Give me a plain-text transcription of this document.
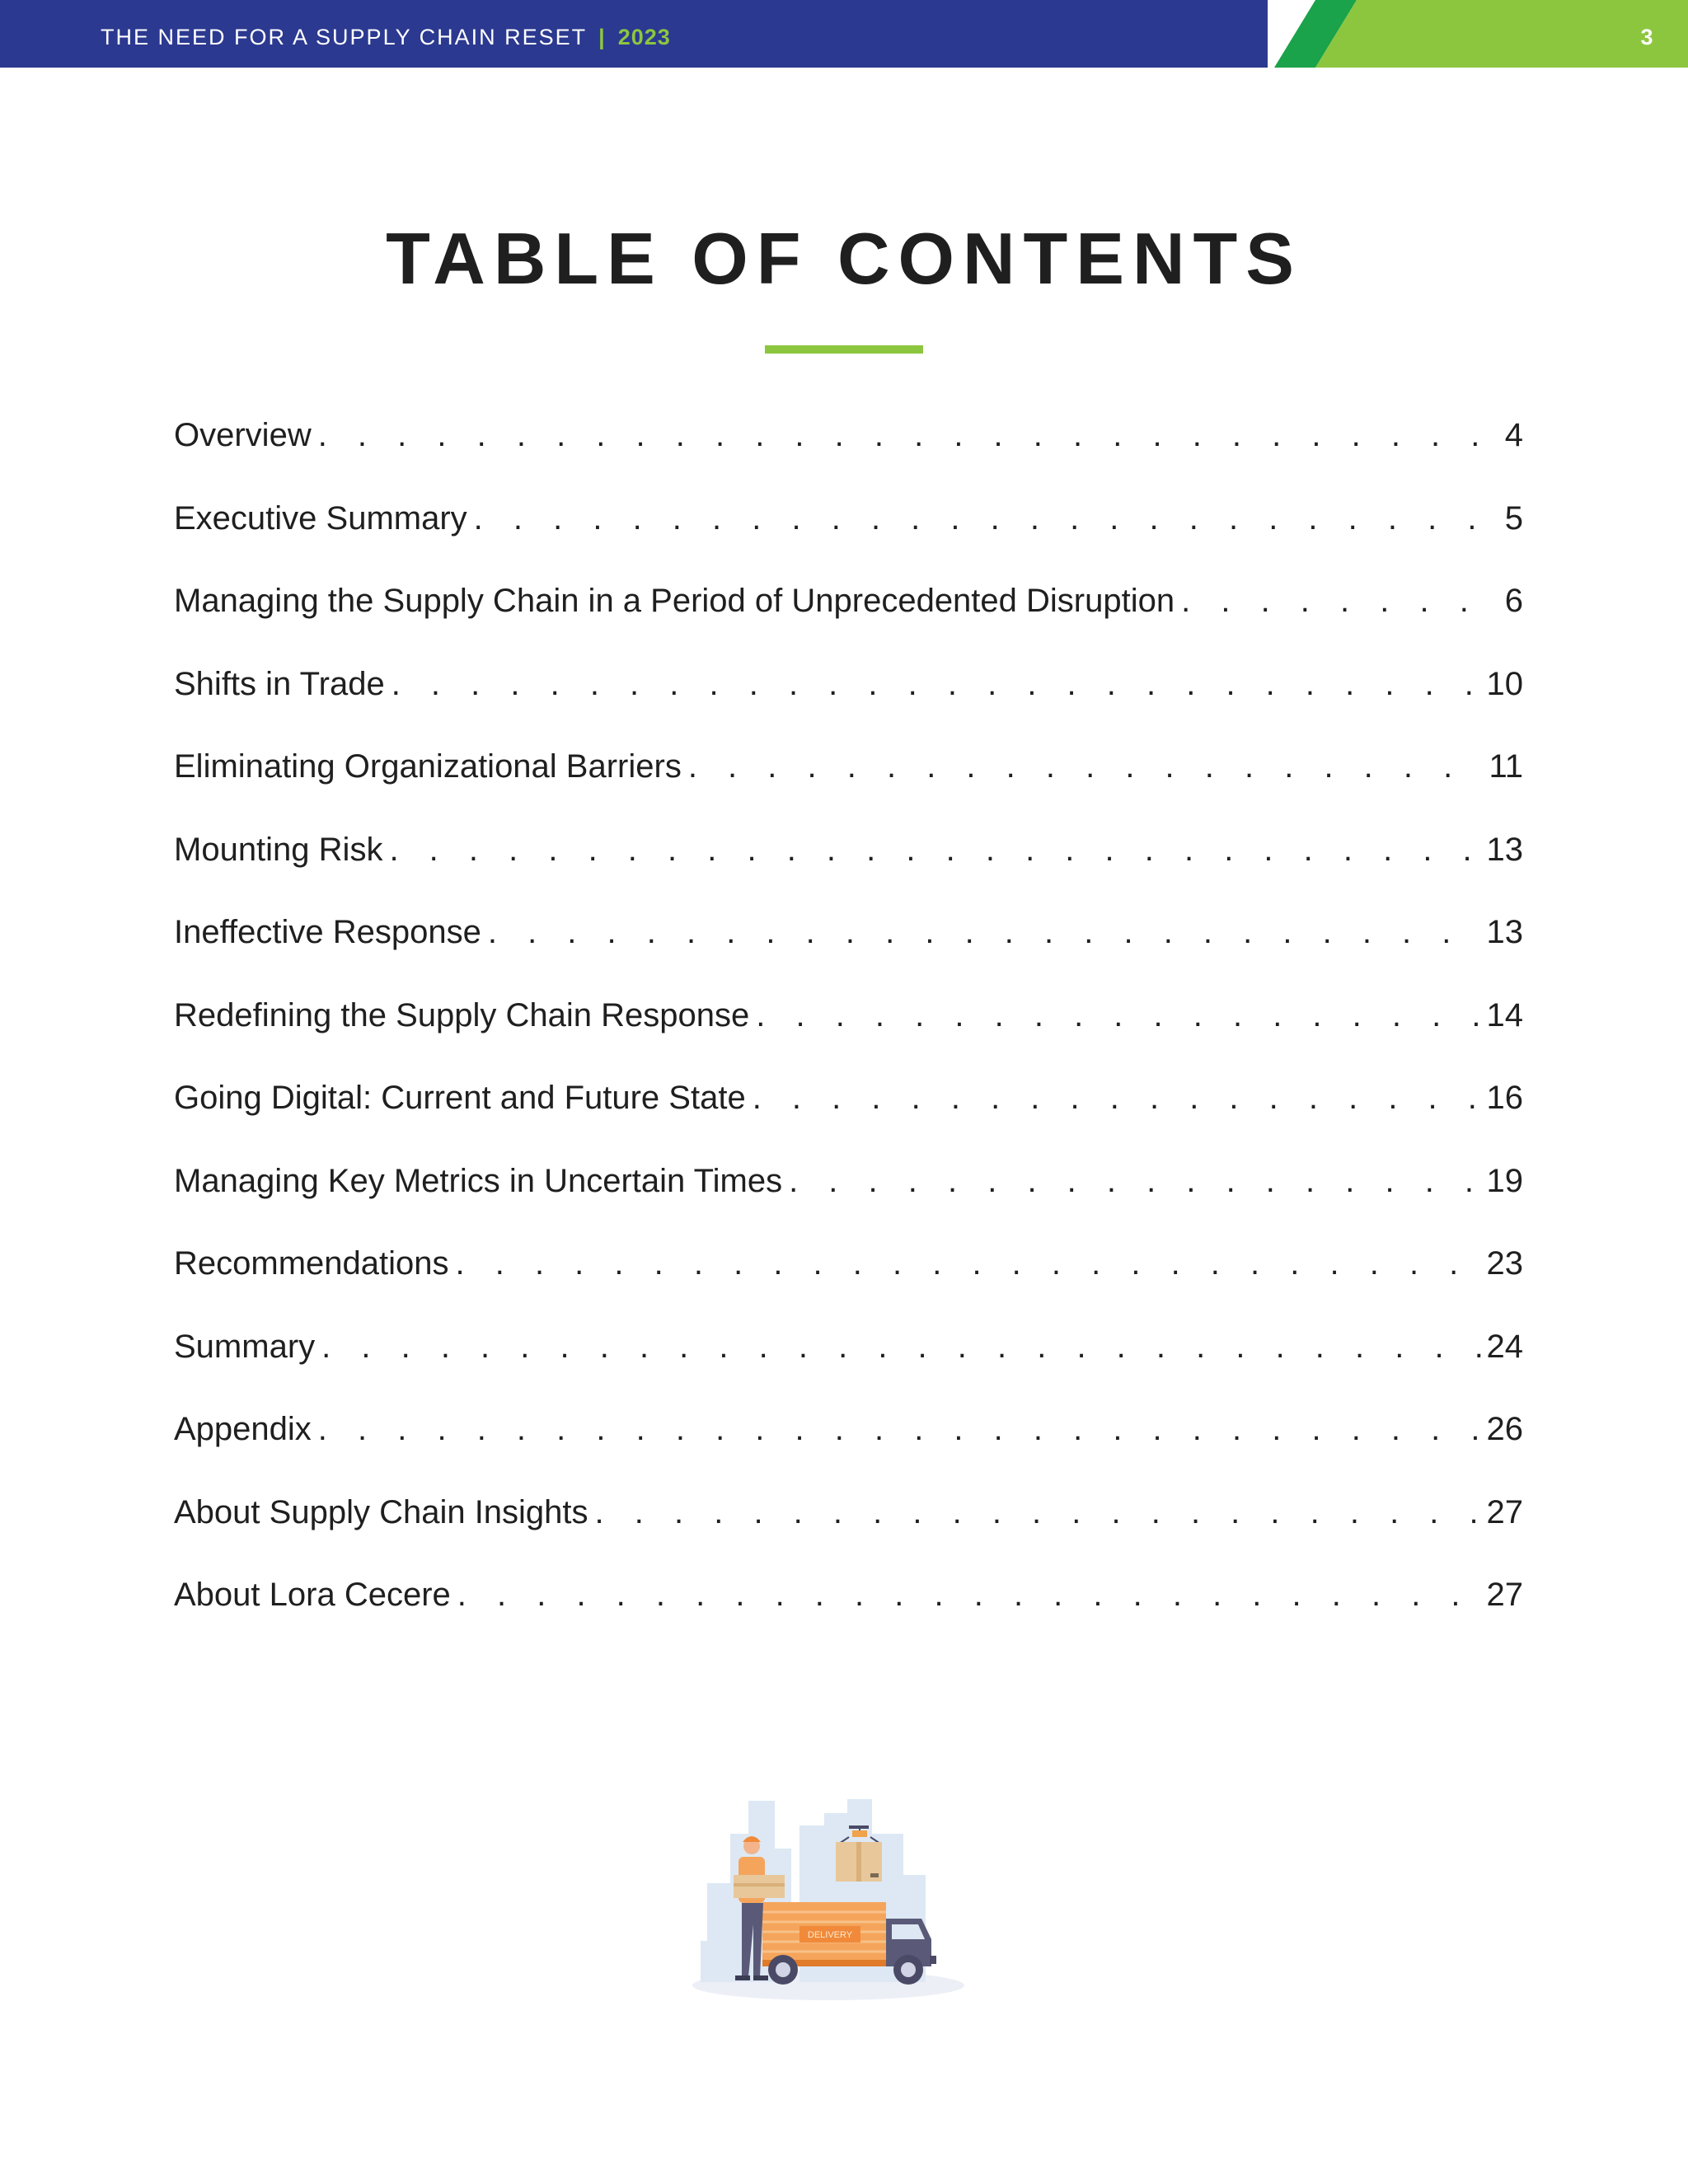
THE NEED FOR A SUPPLY CHAIN RESET | 2023	3
TABLE OF CONTENTS
Overview . . .	4
Executive Summary . . .	5
Managing the Supply Chain in a Period of Unprecedented Disruption . . .	6
Shifts in Trade . . .	10
Eliminating Organizational Barriers . . .	11
Mounting Risk . . .	13
Ineffective Response . . .	13
Redefining the Supply Chain Response . . .	14
Going Digital: Current and Future State . . .	16
Managing Key Metrics in Uncertain Times . . .	19
Recommendations . . .	23
Summary . . .	24
Appendix . . .	26
About Supply Chain Insights . . .	27
About Lora Cecere . . .	27
DELIVERY
